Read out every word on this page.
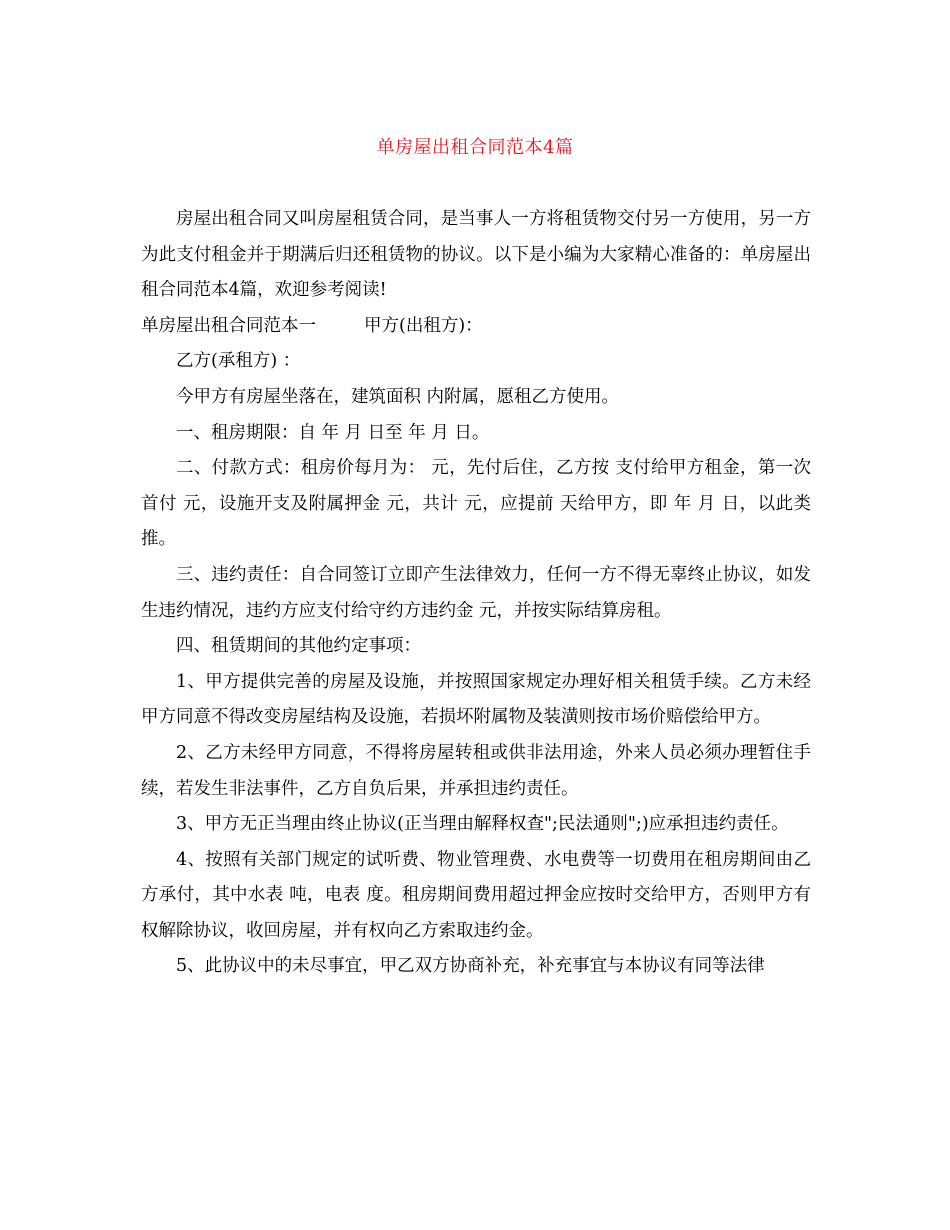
单房屋出租合同范本4篇

房屋出租合同又叫房屋租赁合同，是当事人一方将租赁物交付另一方使用，另一方为此支付租金并于期满后归还租赁物的协议。以下是小编为大家精心准备的：单房屋出租合同范本4篇，欢迎参考阅读!

单房屋出租合同范本一	甲方(出租方)：

乙方(承租方) ：

今甲方有房屋坐落在，建筑面积 内附属，愿租乙方使用。

一、租房期限：自 年 月 日至 年 月 日。

二、付款方式：租房价每月为： 元，先付后住，乙方按 支付给甲方租金，第一次首付 元，设施开支及附属押金 元，共计 元，应提前 天给甲方，即 年 月 日，以此类推。

三、违约责任：自合同签订立即产生法律效力，任何一方不得无辜终止协议，如发生违约情况，违约方应支付给守约方违约金 元，并按实际结算房租。

四、租赁期间的其他约定事项：

1、甲方提供完善的房屋及设施，并按照国家规定办理好相关租赁手续。乙方未经甲方同意不得改变房屋结构及设施，若损坏附属物及装潢则按市场价赔偿给甲方。

2、乙方未经甲方同意，不得将房屋转租或供非法用途，外来人员必须办理暂住手续，若发生非法事件，乙方自负后果，并承担违约责任。

3、甲方无正当理由终止协议(正当理由解释权查";民法通则";)应承担违约责任。

4、按照有关部门规定的试听费、物业管理费、水电费等一切费用在租房期间由乙方承付，其中水表 吨，电表 度。租房期间费用超过押金应按时交给甲方，否则甲方有权解除协议，收回房屋，并有权向乙方索取违约金。

5、此协议中的未尽事宜，甲乙双方协商补充，补充事宜与本协议有同等法律
